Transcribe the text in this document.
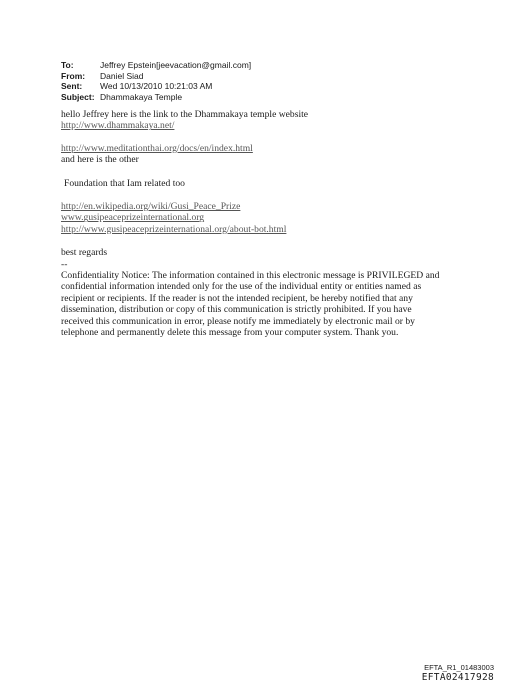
To:	Jeffrey Epstein[jeevacation@gmail.com]
From:	Daniel Siad
Sent:	Wed 10/13/2010 10:21:03 AM
Subject: Dhammakaya Temple

hello Jeffrey here is the link to the Dhammakaya temple website

http://www.dhammakaya.net/

http://www.meditationthai.org/docs/en/index.html

and here is the other

Foundation that Iam related too

http://en.wikipedia.org/wiki/Gusi_Peace_Prize

www.gusipeaceprizeinternational.org

http://www.gusipeaceprizeinternational.org/about-bot.html

best regards

--

Confidentiality Notice: The information contained in this electronic message is PRIVILEGED and

confidential information intended only for the use of the individual entity or entities named as

recipient or recipients. If the reader is not the intended recipient, be hereby notified that any

dissemination, distribution or copy of this communication is strictly prohibited. If you have

received this communication in error, please notify me immediately by electronic mail or by

telephone and permanently delete this message from your computer system. Thank you.

EFTA_R1_01483003
EFTA02417928
